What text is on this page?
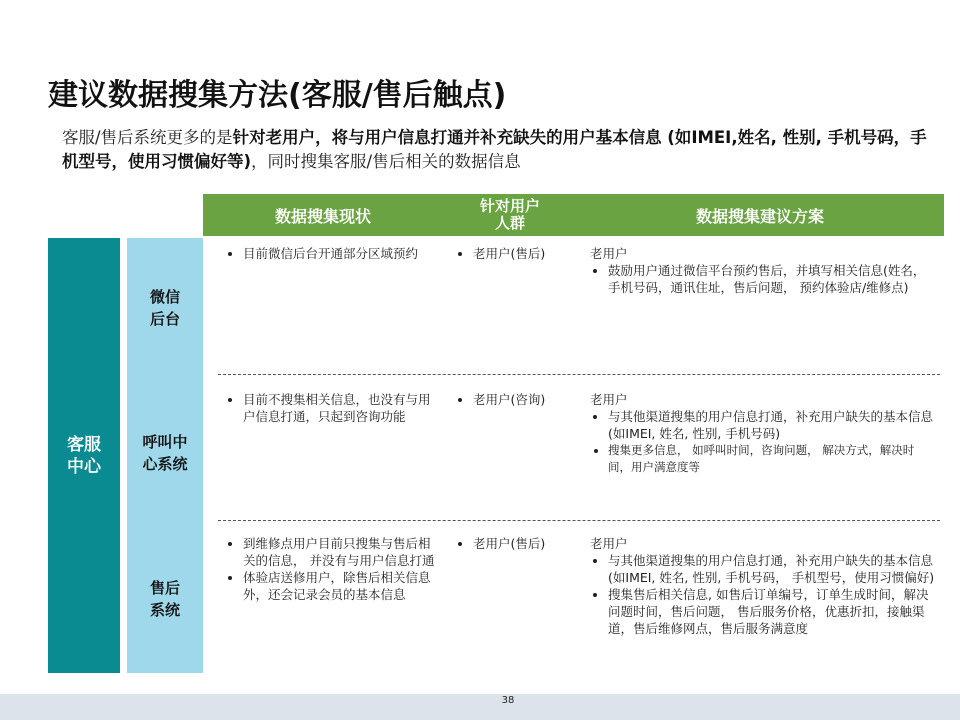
建议数据搜集方法(客服/售后触点)
客服/售后系统更多的是针对老用户，将与用户信息打通并补充缺失的用户基本信息 (如IMEI,姓名, 性别, 手机号码，手机型号，使用习惯偏好等)，同时搜集客服/售后相关的数据信息
数据搜集现状
针对用户
人群	数据搜集建议方案
客服
中心
微信
后台
呼叫中
心系统
售后
系统
• 目前微信后台开通部分区域预约
•	老用户(售后)	老用户
• 鼓励用户通过微信平台预约售后，并填写相关信息(姓名，手机号码，通讯住址，售后问题， 预约体验店/维修点)
• 目前不搜集相关信息，也没有与用户信息打通，只起到咨询功能
• 老用户(咨询)	老用户
• 与其他渠道搜集的用户信息打通，补充用户缺失的基本信息(如IMEI, 姓名, 性别, 手机号码)
• 搜集更多信息， 如呼叫时间，咨询问题， 解决方式，解决时间，用户满意度等
• 到维修点用户目前只搜集与售后相关的信息， 并没有与用户信息打通
• 体验店送修用户，除售后相关信息外，还会记录会员的基本信息
• 老用户(售后)	老用户
• 与其他渠道搜集的用户信息打通，补充用户缺失的基本信息(如IMEI, 姓名, 性别, 手机号码， 手机型号，使用习惯偏好)
• 搜集售后相关信息, 如售后订单编号，订单生成时间，解决问题时间，售后问题， 售后服务价格，优惠折扣，接触渠道，售后维修网点，售后服务满意度
38
